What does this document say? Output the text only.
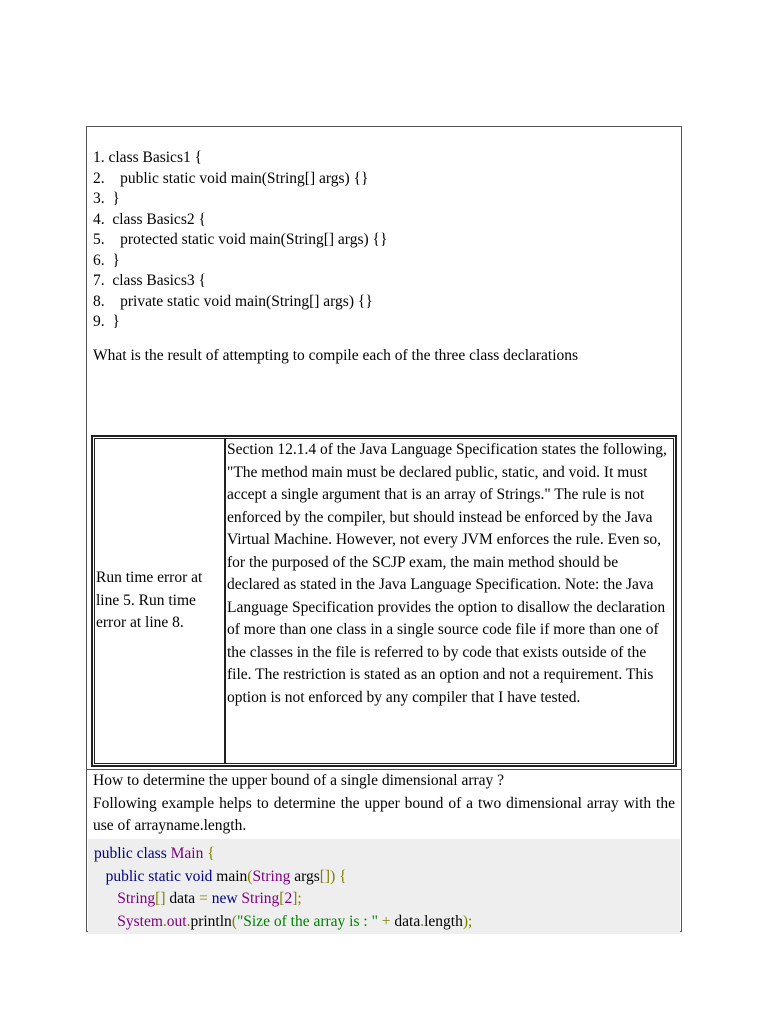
1. class Basics1 {
2.    public static void main(String[] args) {}
3.  }
4.  class Basics2 {
5.    protected static void main(String[] args) {}
6.  }
7.  class Basics3 {
8.    private static void main(String[] args) {}
9.  }
What is the result of attempting to compile each of the three class declarations
Run time error at line 5. Run time error at line 8.
Section 12.1.4 of the Java Language Specification states the following, "The method main must be declared public, static, and void. It must accept a single argument that is an array of Strings." The rule is not enforced by the compiler, but should instead be enforced by the Java Virtual Machine. However, not every JVM enforces the rule. Even so, for the purposed of the SCJP exam, the main method should be declared as stated in the Java Language Specification. Note: the Java Language Specification provides the option to disallow the declaration of more than one class in a single source code file if more than one of the classes in the file is referred to by code that exists outside of the file. The restriction is stated as an option and not a requirement. This option is not enforced by any compiler that I have tested.
How to determine the upper bound of a single dimensional array ?
Following example helps to determine the upper bound of a two dimensional array with the use of arrayname.length.
public class Main {
public static void main(String args[]) {
String[] data = new String[2];
System.out.println("Size of the array is : " + data.length);
